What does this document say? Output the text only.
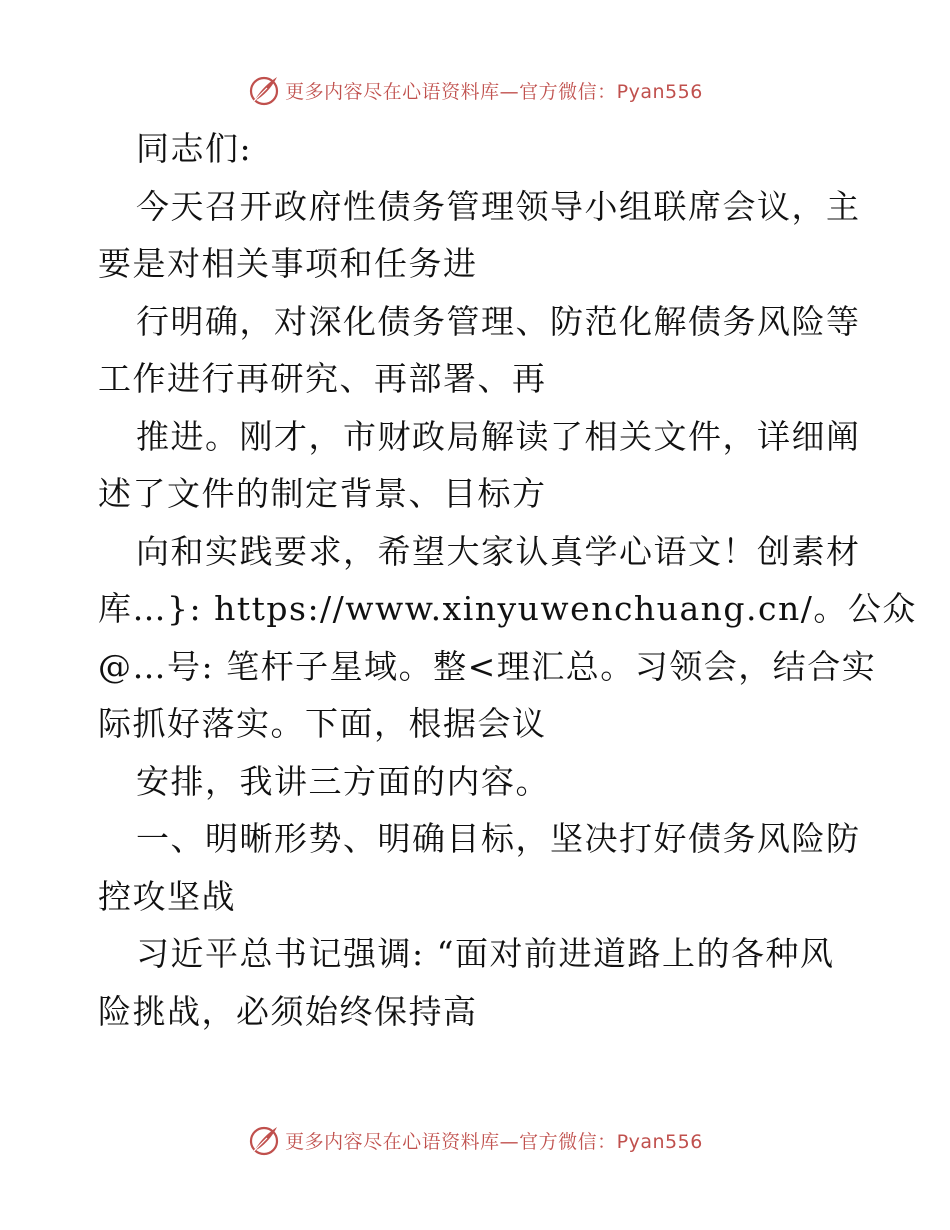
更多内容尽在心语资料库—官方微信：Pyan556
同志们:
今天召开政府性债务管理领导小组联席会议，主
要是对相关事项和任务进
行明确，对深化债务管理、防范化解债务风险等
工作进行再研究、再部署、再
推进。刚才，市财政局解读了相关文件，详细阐
述了文件的制定背景、目标方
向和实践要求，希望大家认真学心语文！创素材
库…}: https://www.xinyuwenchuang.cn/。公众
@…号: 笔杆子星域。整<理汇总。习领会，结合实
际抓好落实。下面，根据会议
安排，我讲三方面的内容。
一、明晰形势、明确目标，坚决打好债务风险防
控攻坚战
习近平总书记强调: “面对前进道路上的各种风
险挑战，必须始终保持高
更多内容尽在心语资料库—官方微信：Pyan556
